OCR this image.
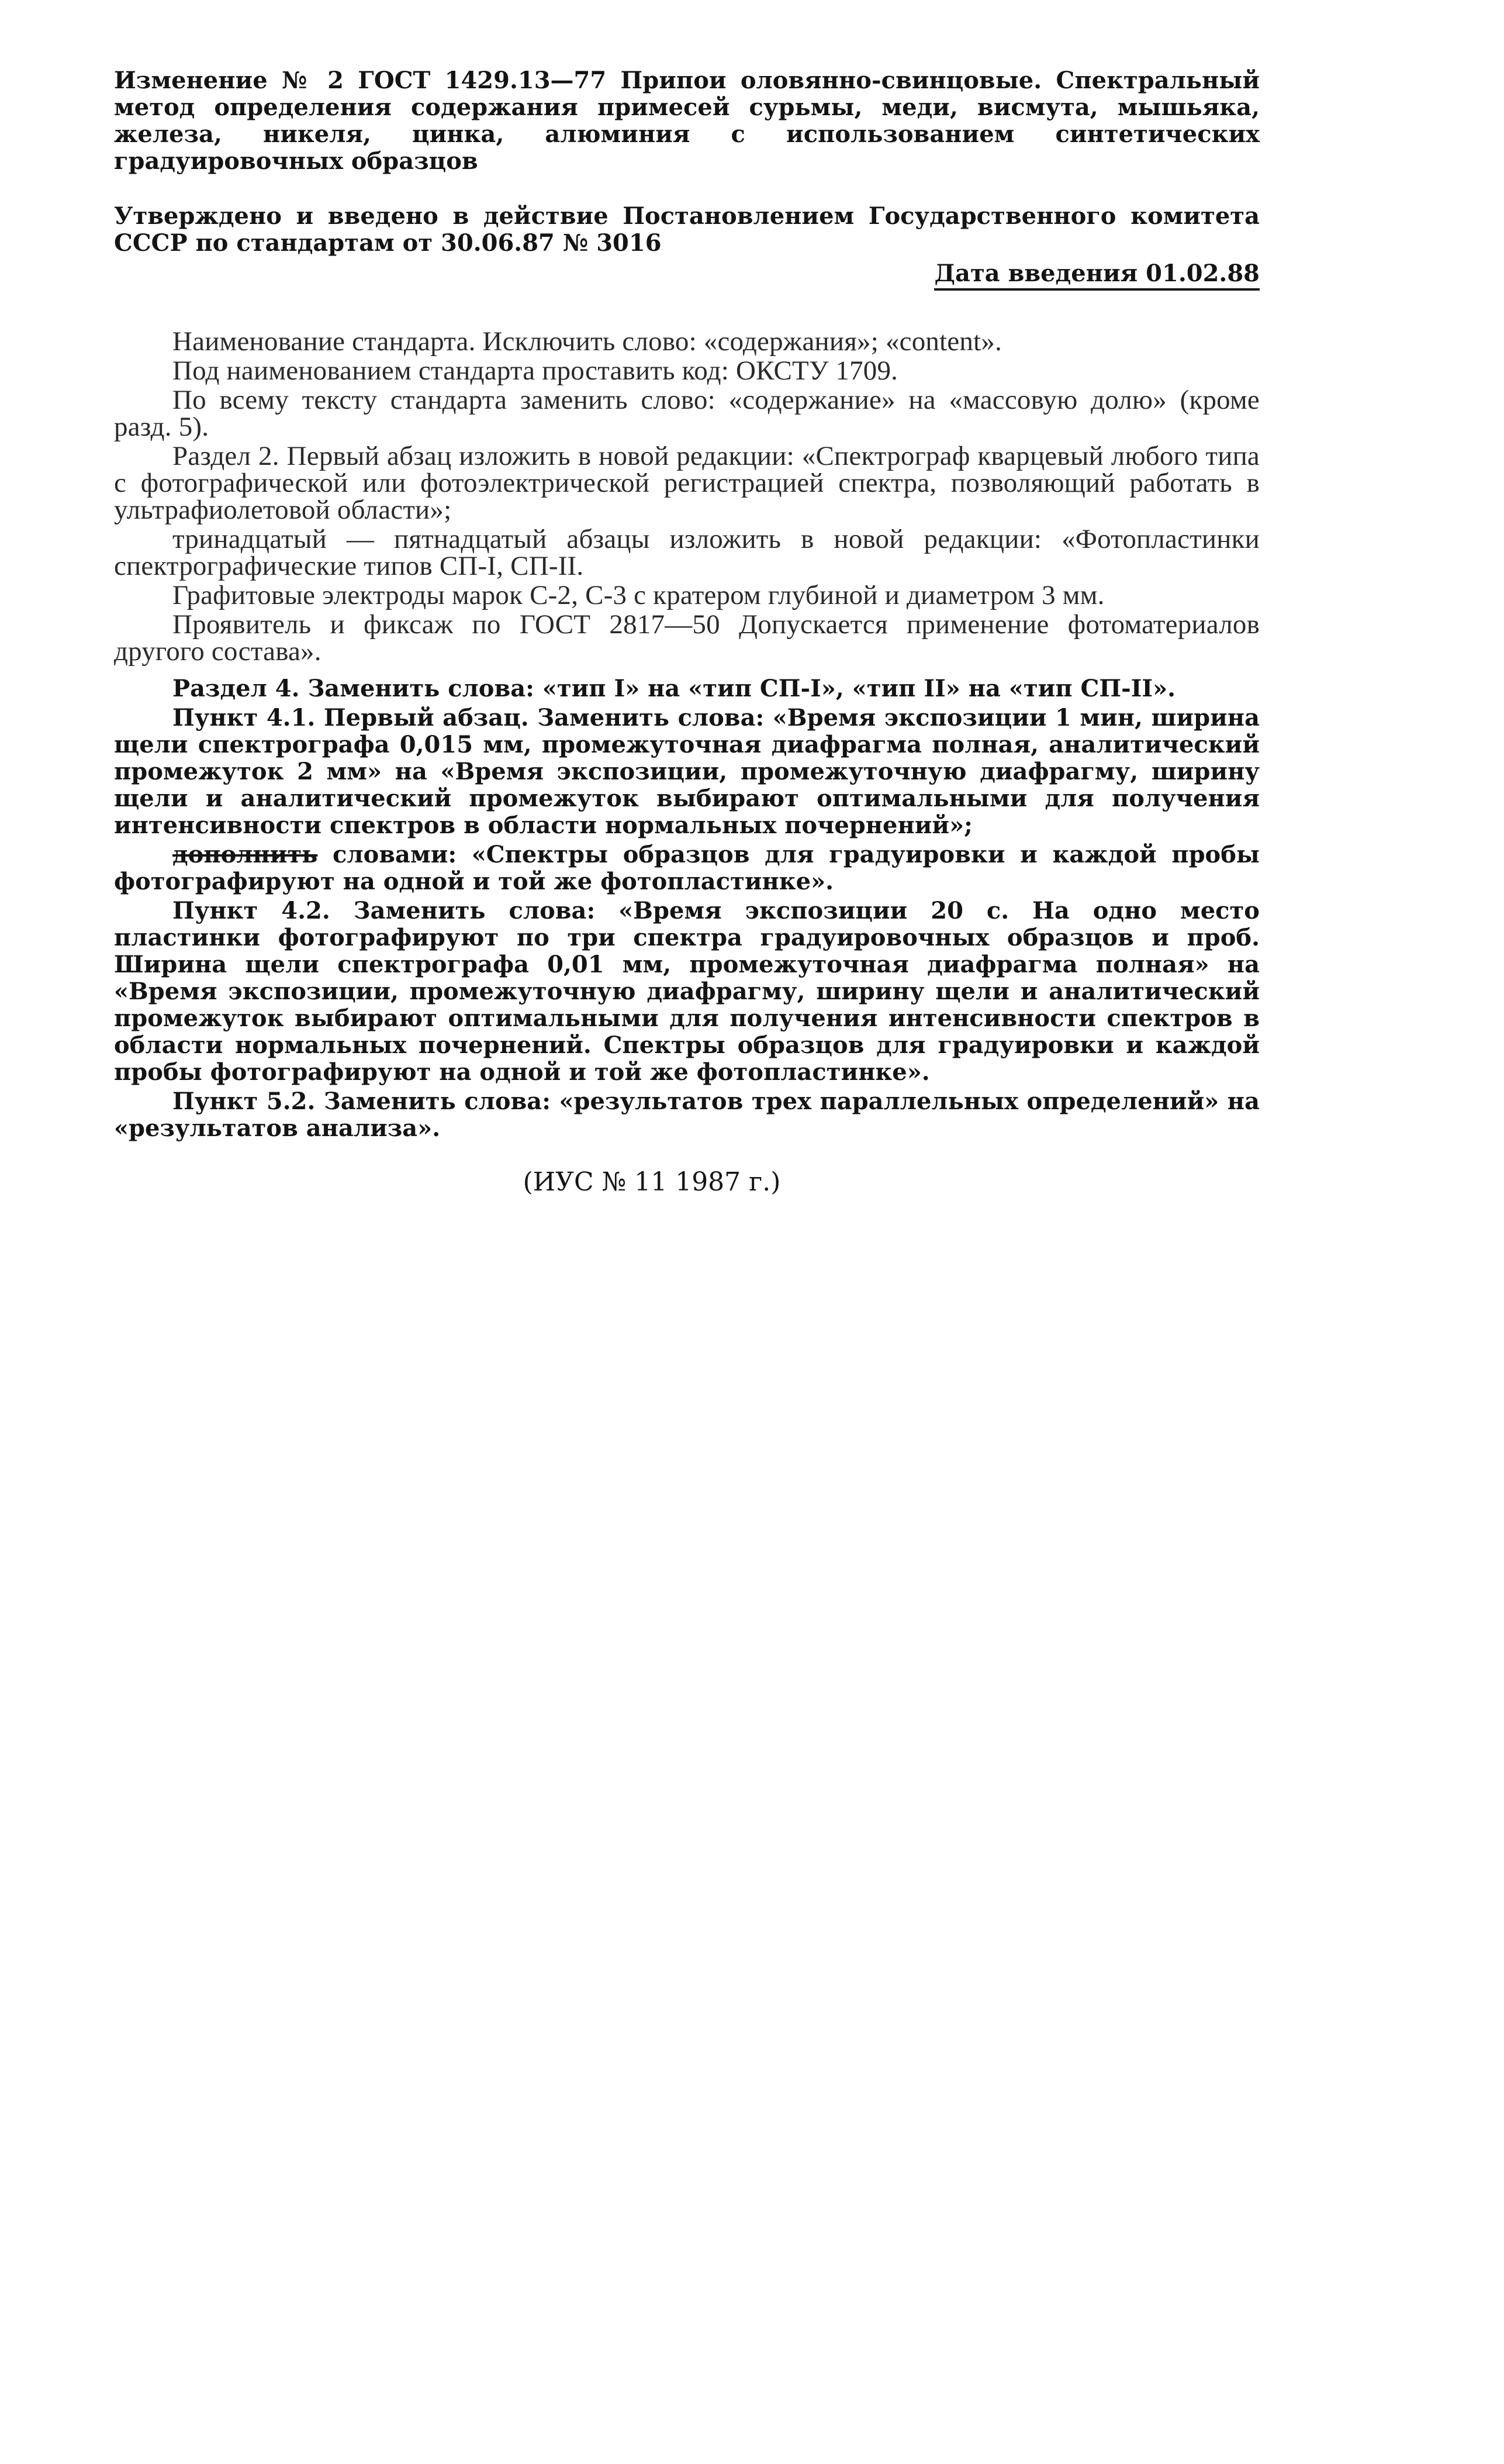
Изменение № 2 ГОСТ 1429.13—77 Припои оловянно-свинцовые. Спектральный метод определения содержания примесей сурьмы, меди, висмута, мышьяка, железа, никеля, цинка, алюминия с использованием синтетических градуировочных образцов

Утверждено и введено в действие Постановлением Государственного комитета СССР по стандартам от 30.06.87 № 3016

Дата введения 01.02.88

Наименование стандарта. Исключить слово: «содержания»; «content».

Под наименованием стандарта проставить код: ОКСТУ 1709.

По всему тексту стандарта заменить слово: «содержание» на «массовую долю» (кроме разд. 5).

Раздел 2. Первый абзац изложить в новой редакции: «Спектрограф кварцевый любого типа с фотографической или фотоэлектрической регистрацией спектра, позволяющий работать в ультрафиолетовой области»;

тринадцатый — пятнадцатый абзацы изложить в новой редакции: «Фотопластинки спектрографические типов СП-I, СП-II.

Графитовые электроды марок С-2, С-3 с кратером глубиной и диаметром 3 мм.

Проявитель и фиксаж по ГОСТ 2817—50 Допускается применение фотоматериалов другого состава».

Раздел 4. Заменить слова: «тип I» на «тип СП-I», «тип II» на «тип СП-II».

Пункт 4.1. Первый абзац. Заменить слова: «Время экспозиции 1 мин, ширина щели спектрографа 0,015 мм, промежуточная диафрагма полная, аналитический промежуток 2 мм» на «Время экспозиции, промежуточную диафрагму, ширину щели и аналитический промежуток выбирают оптимальными для получения интенсивности спектров в области нормальных почернений»;

дополнить словами: «Спектры образцов для градуировки и каждой пробы фотографируют на одной и той же фотопластинке».

Пункт 4.2. Заменить слова: «Время экспозиции 20 с. На одно место пластинки фотографируют по три спектра градуировочных образцов и проб. Ширина щели спектрографа 0,01 мм, промежуточная диафрагма полная» на «Время экспозиции, промежуточную диафрагму, ширину щели и аналитический промежуток выбирают оптимальными для получения интенсивности спектров в области нормальных почернений. Спектры образцов для градуировки и каждой пробы фотографируют на одной и той же фотопластинке».

Пункт 5.2. Заменить слова: «результатов трех параллельных определений» на «результатов анализа».

(ИУС № 11 1987 г.)
